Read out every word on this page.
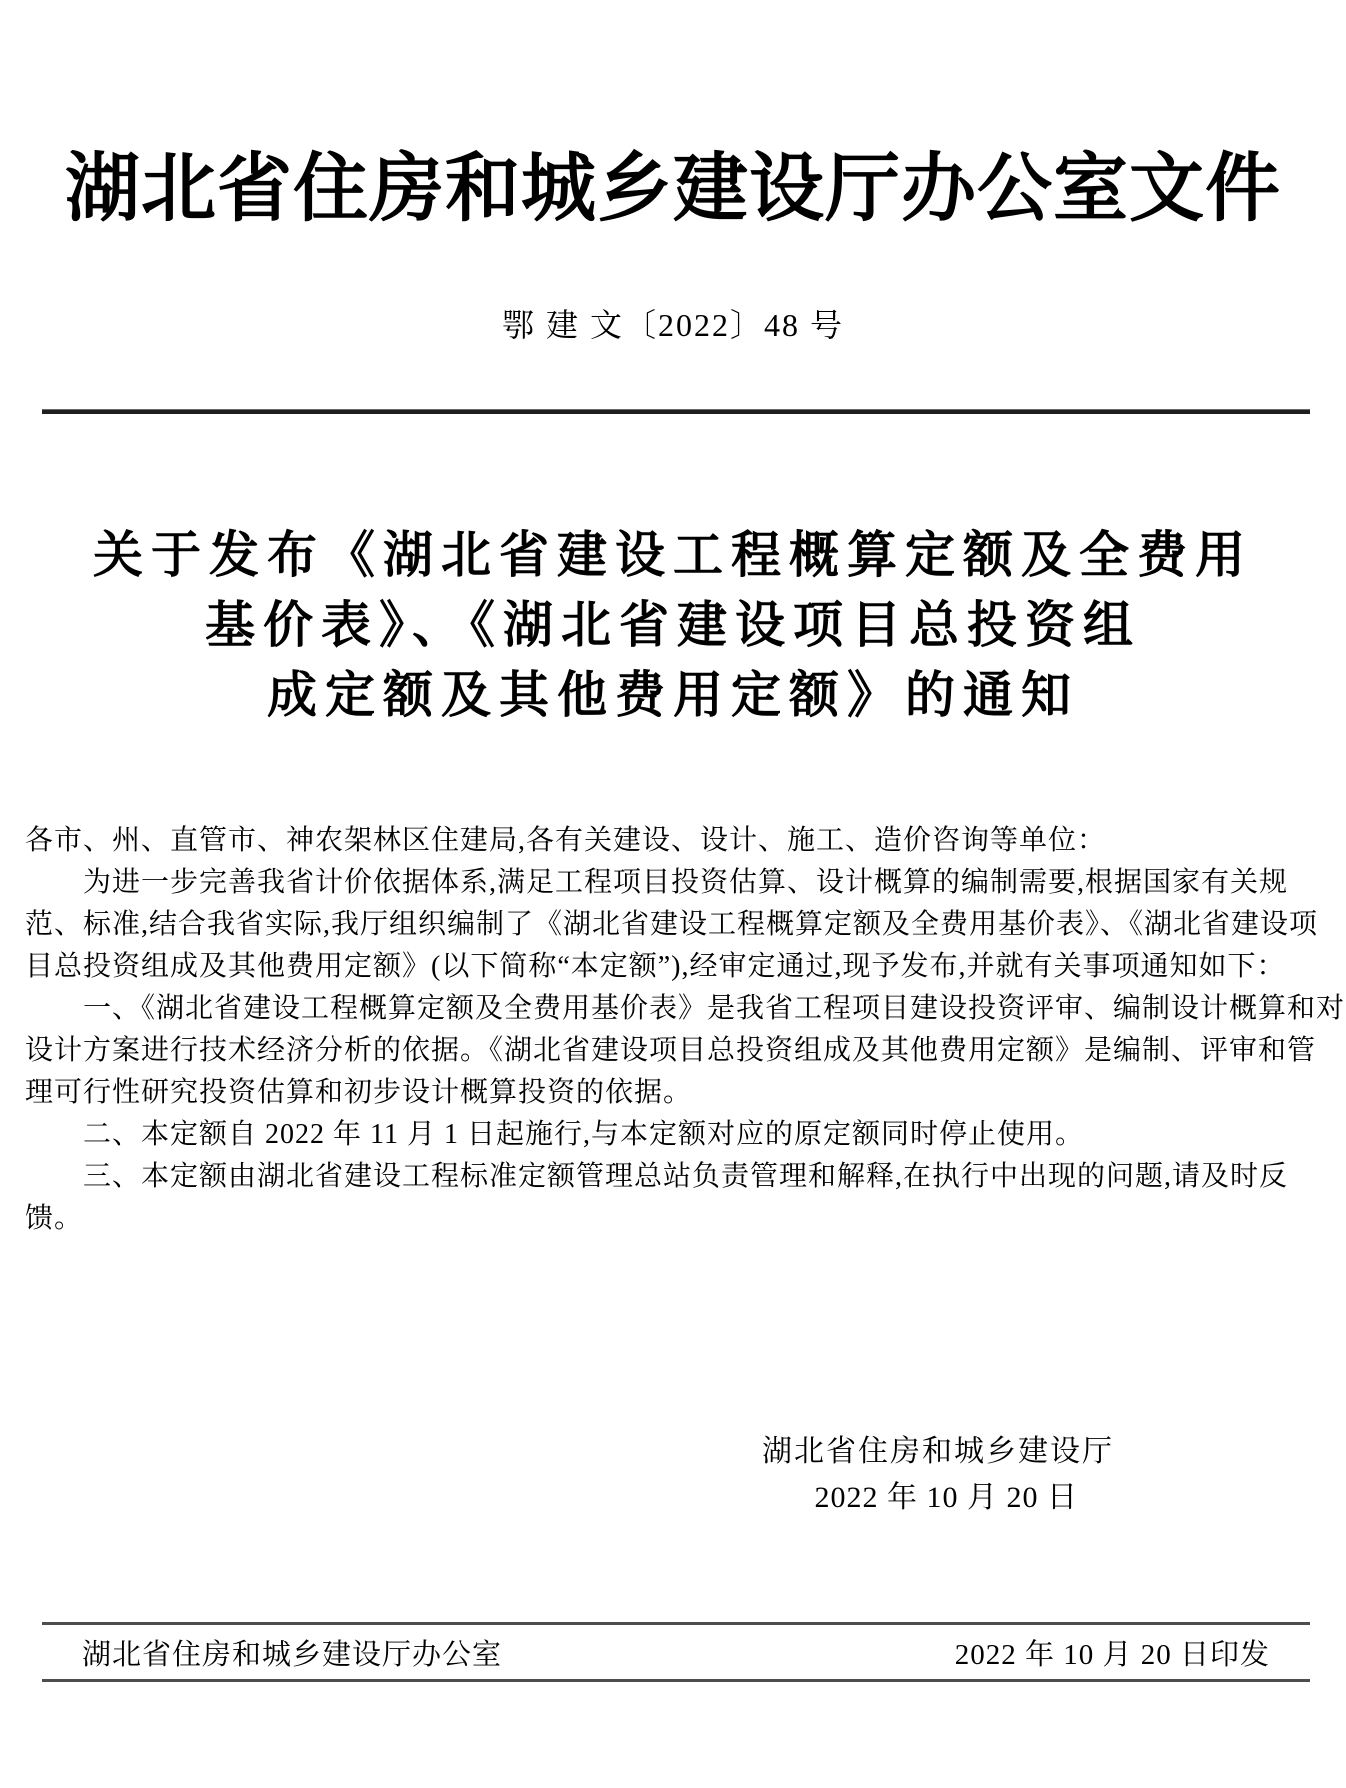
湖北省住房和城乡建设厅办公室文件
鄂 建 文〔2022〕48 号
关于发布《湖北省建设工程概算定额及全费用
基价表》、《湖北省建设项目总投资组
成定额及其他费用定额》的通知
各市、州、直管市、神农架林区住建局,各有关建设、设计、施工、造价咨询等单位：
　　为进一步完善我省计价依据体系,满足工程项目投资估算、设计概算的编制需要,根据国家有关规
范、标准,结合我省实际,我厅组织编制了《湖北省建设工程概算定额及全费用基价表》、《湖北省建设项
目总投资组成及其他费用定额》(以下简称“本定额”),经审定通过,现予发布,并就有关事项通知如下：
　　一、《湖北省建设工程概算定额及全费用基价表》是我省工程项目建设投资评审、编制设计概算和对
设计方案进行技术经济分析的依据。《湖北省建设项目总投资组成及其他费用定额》是编制、评审和管
理可行性研究投资估算和初步设计概算投资的依据。
　　二、本定额自 2022 年 11 月 1 日起施行,与本定额对应的原定额同时停止使用。
　　三、本定额由湖北省建设工程标准定额管理总站负责管理和解释,在执行中出现的问题,请及时反
馈。
湖北省住房和城乡建设厅
2022 年 10 月 20 日
湖北省住房和城乡建设厅办公室	2022 年 10 月 20 日印发
